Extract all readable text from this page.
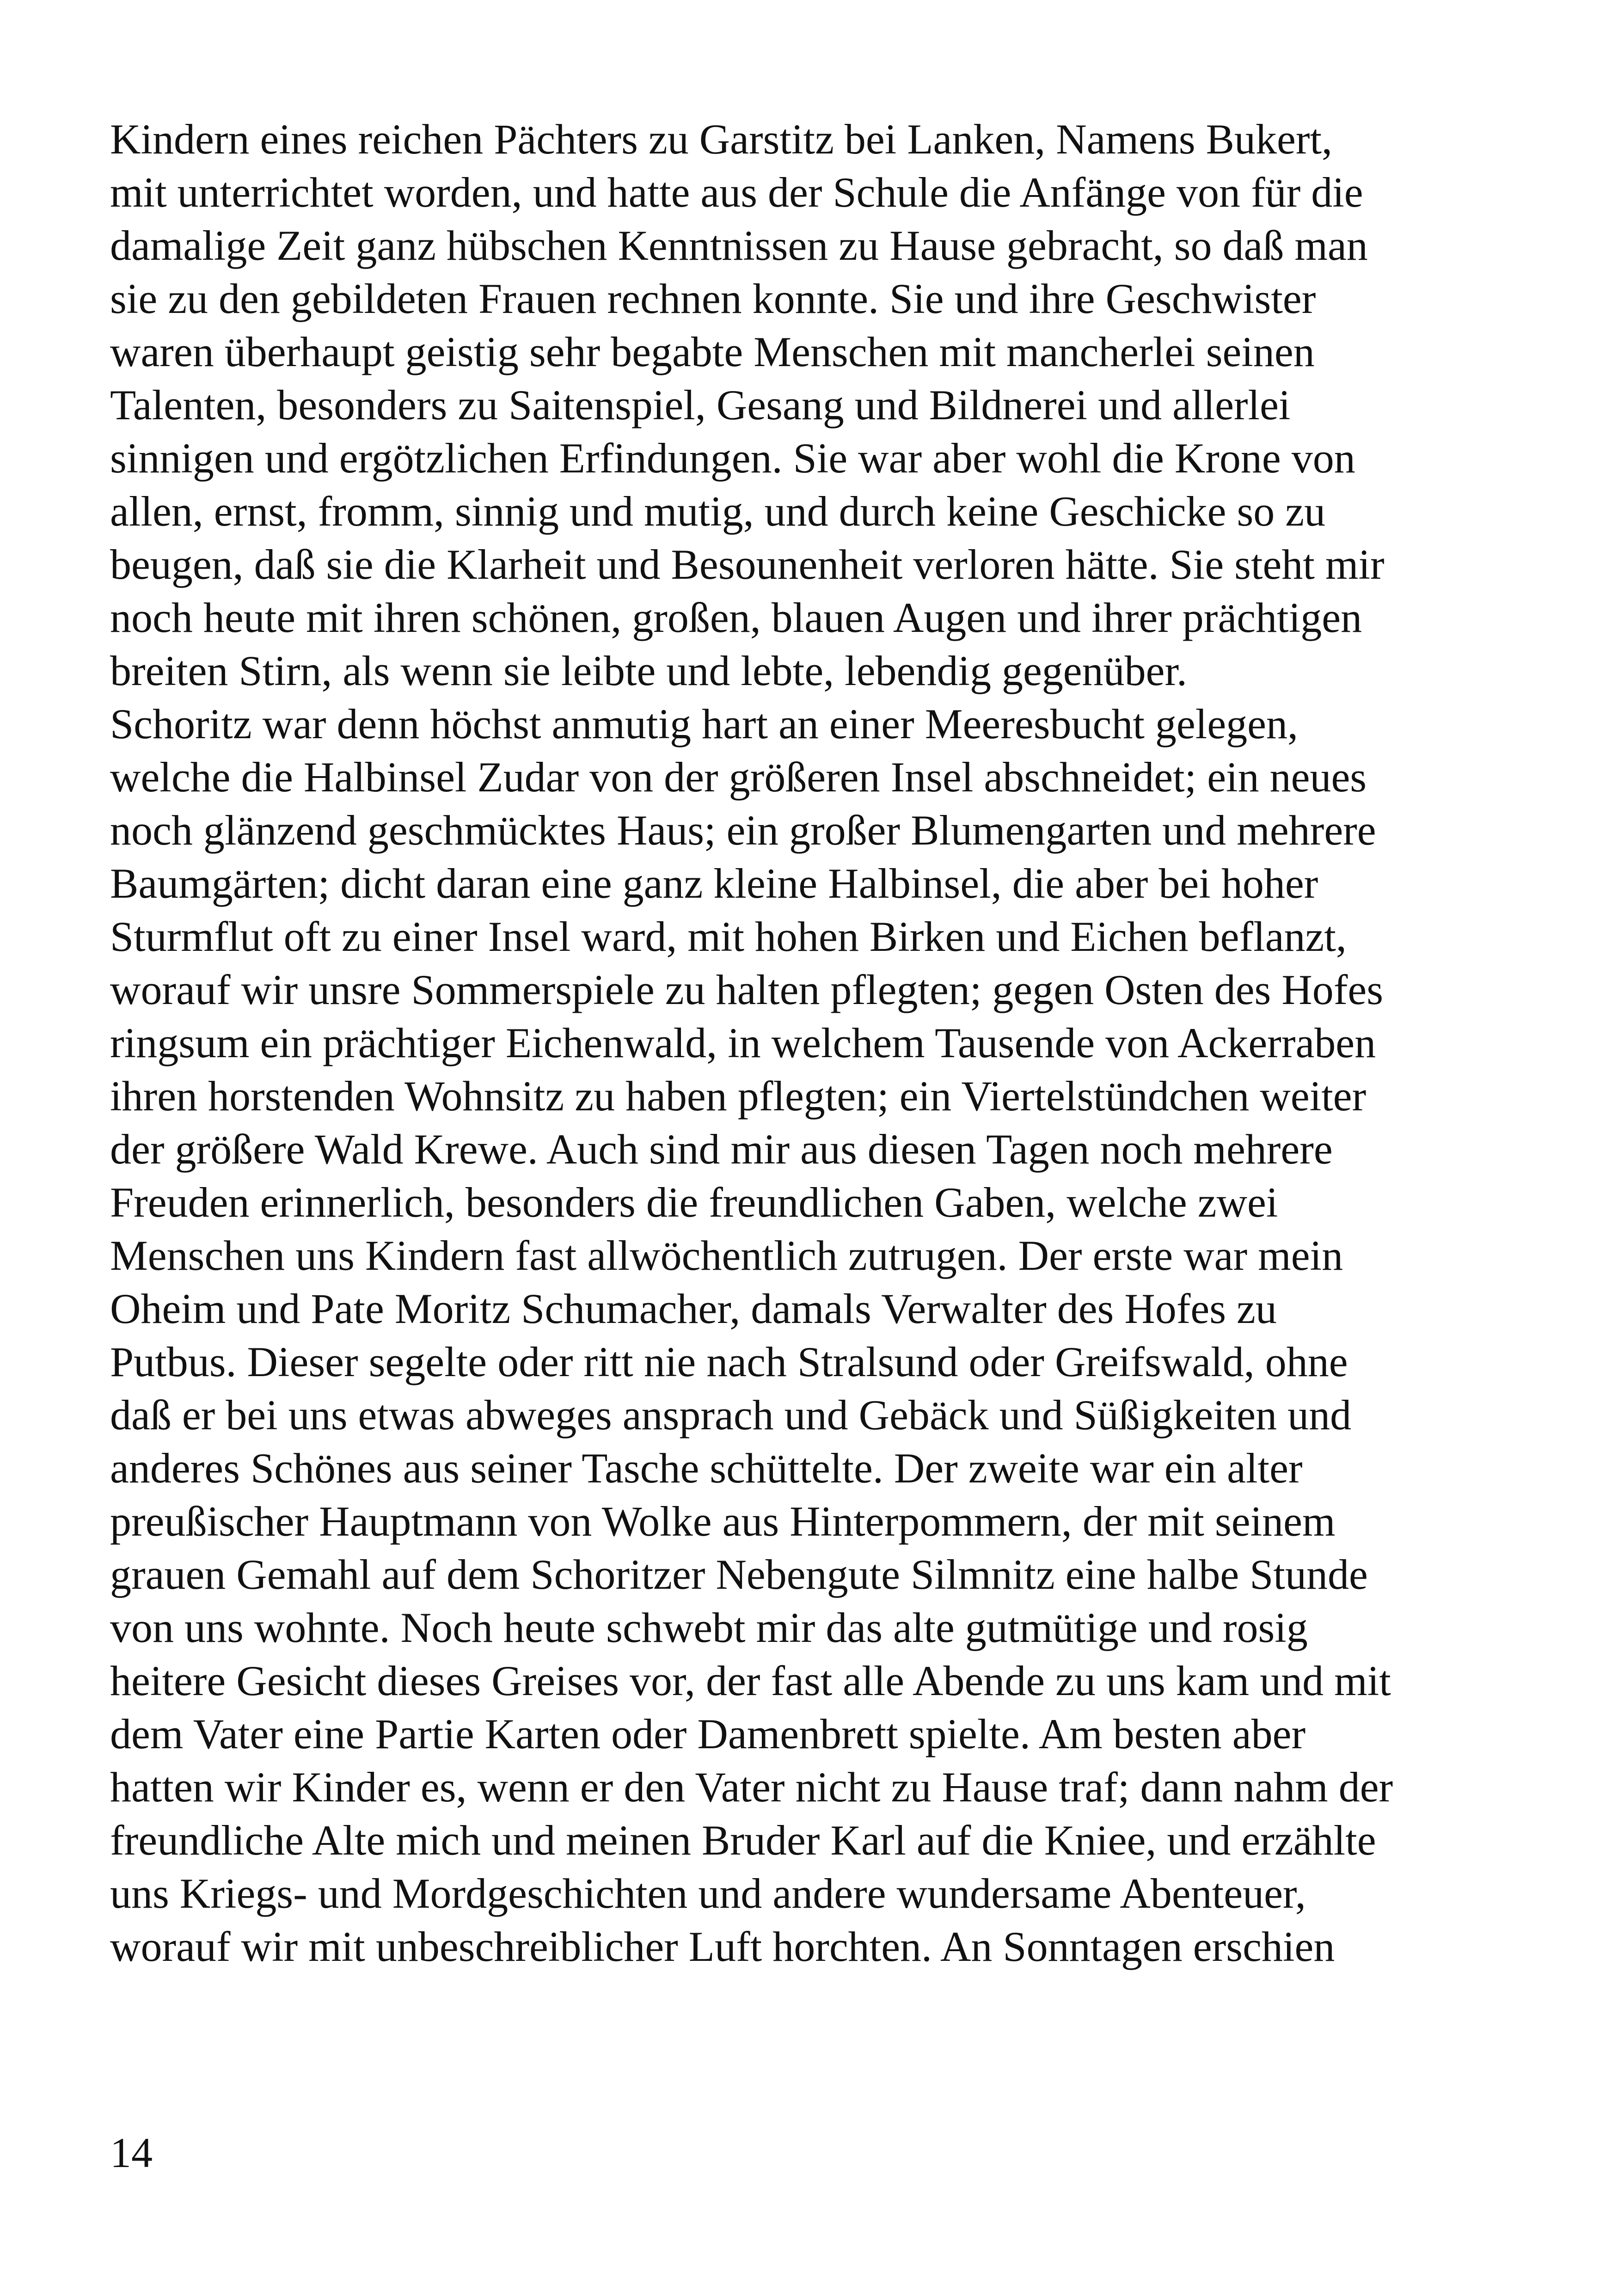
Kindern eines reichen Pächters zu Garstitz bei Lanken, Namens Bukert,
mit unterrichtet worden, und hatte aus der Schule die Anfänge von für die
damalige Zeit ganz hübschen Kenntnissen zu Hause gebracht, so daß man
sie zu den gebildeten Frauen rechnen konnte. Sie und ihre Geschwister
waren überhaupt geistig sehr begabte Menschen mit mancherlei seinen
Talenten, besonders zu Saitenspiel, Gesang und Bildnerei und allerlei
sinnigen und ergötzlichen Erfindungen. Sie war aber wohl die Krone von
allen, ernst, fromm, sinnig und mutig, und durch keine Geschicke so zu
beugen, daß sie die Klarheit und Besounenheit verloren hätte. Sie steht mir
noch heute mit ihren schönen, großen, blauen Augen und ihrer prächtigen
breiten Stirn, als wenn sie leibte und lebte, lebendig gegenüber.
Schoritz war denn höchst anmutig hart an einer Meeresbucht gelegen,
welche die Halbinsel Zudar von der größeren Insel abschneidet; ein neues
noch glänzend geschmücktes Haus; ein großer Blumengarten und mehrere
Baumgärten; dicht daran eine ganz kleine Halbinsel, die aber bei hoher
Sturmflut oft zu einer Insel ward, mit hohen Birken und Eichen beflanzt,
worauf wir unsre Sommerspiele zu halten pflegten; gegen Osten des Hofes
ringsum ein prächtiger Eichenwald, in welchem Tausende von Ackerraben
ihren horstenden Wohnsitz zu haben pflegten; ein Viertelstündchen weiter
der größere Wald Krewe. Auch sind mir aus diesen Tagen noch mehrere
Freuden erinnerlich, besonders die freundlichen Gaben, welche zwei
Menschen uns Kindern fast allwöchentlich zutrugen. Der erste war mein
Oheim und Pate Moritz Schumacher, damals Verwalter des Hofes zu
Putbus. Dieser segelte oder ritt nie nach Stralsund oder Greifswald, ohne
daß er bei uns etwas abweges ansprach und Gebäck und Süßigkeiten und
anderes Schönes aus seiner Tasche schüttelte. Der zweite war ein alter
preußischer Hauptmann von Wolke aus Hinterpommern, der mit seinem
grauen Gemahl auf dem Schoritzer Nebengute Silmnitz eine halbe Stunde
von uns wohnte. Noch heute schwebt mir das alte gutmütige und rosig
heitere Gesicht dieses Greises vor, der fast alle Abende zu uns kam und mit
dem Vater eine Partie Karten oder Damenbrett spielte. Am besten aber
hatten wir Kinder es, wenn er den Vater nicht zu Hause traf; dann nahm der
freundliche Alte mich und meinen Bruder Karl auf die Kniee, und erzählte
uns Kriegs- und Mordgeschichten und andere wundersame Abenteuer,
worauf wir mit unbeschreiblicher Luft horchten. An Sonntagen erschien
14
